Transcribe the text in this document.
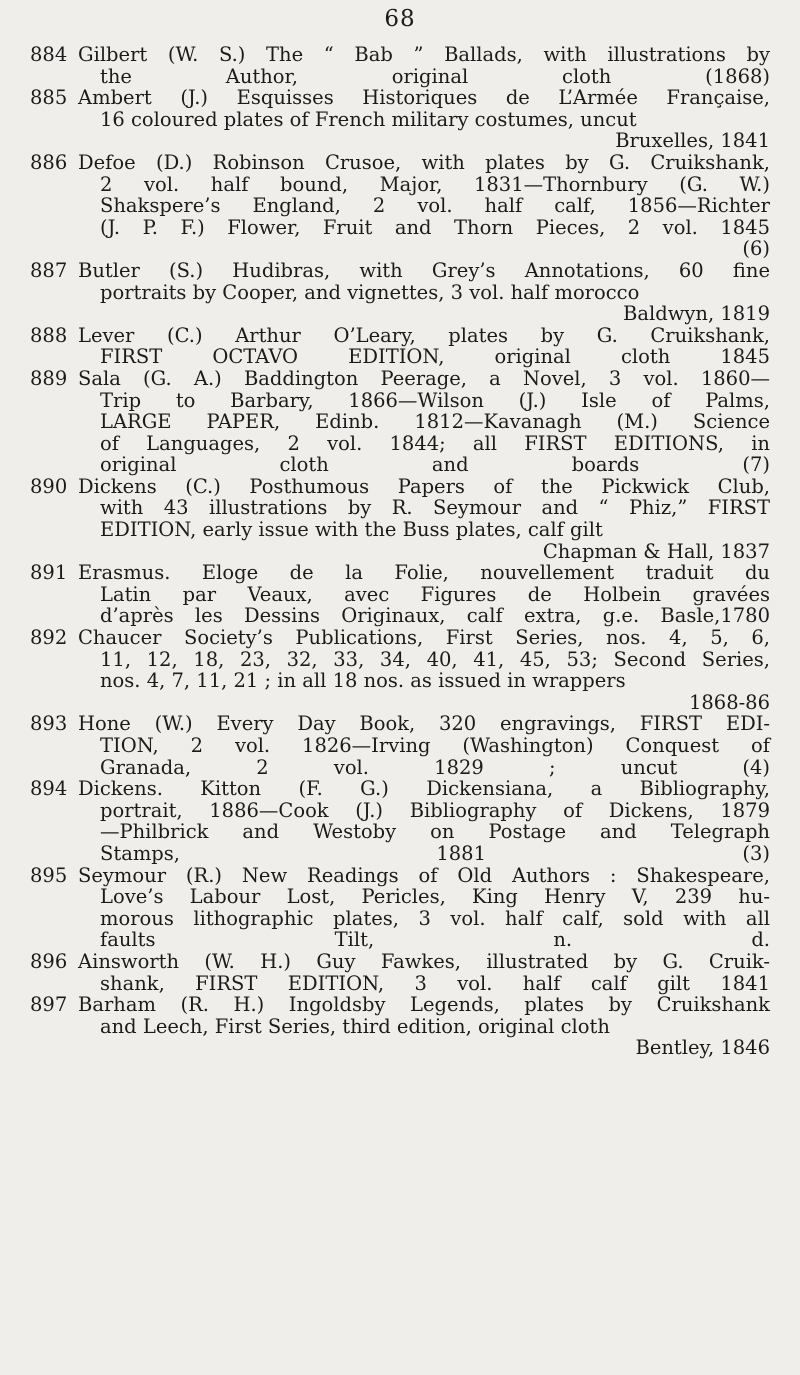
68
884 Gilbert (W. S.) The “ Bab ” Ballads, with illustrations by
the Author, original cloth (1868)
885 Ambert (J.) Esquisses Historiques de L’Armée Française,
16 coloured plates of French military costumes, uncut
Bruxelles, 1841
886 Defoe (D.) Robinson Crusoe, with plates by G. Cruikshank,
2 vol. half bound, Major, 1831—Thornbury (G. W.)
Shakspere’s England, 2 vol. half calf, 1856—Richter
(J. P. F.) Flower, Fruit and Thorn Pieces, 2 vol. 1845
(6)
887 Butler (S.) Hudibras, with Grey’s Annotations, 60 fine
portraits by Cooper, and vignettes, 3 vol. half morocco
Baldwyn, 1819
888 Lever (C.) Arthur O’Leary, plates by G. Cruikshank,
FIRST OCTAVO EDITION, original cloth 1845
889 Sala (G. A.) Baddington Peerage, a Novel, 3 vol. 1860—
Trip to Barbary, 1866—Wilson (J.) Isle of Palms,
LARGE PAPER, Edinb. 1812—Kavanagh (M.) Science
of Languages, 2 vol. 1844; all FIRST EDITIONS, in
original cloth and boards (7)
890 Dickens (C.) Posthumous Papers of the Pickwick Club,
with 43 illustrations by R. Seymour and “ Phiz,” FIRST
EDITION, early issue with the Buss plates, calf gilt
Chapman & Hall, 1837
891 Erasmus. Eloge de la Folie, nouvellement traduit du
Latin par Veaux, avec Figures de Holbein gravées
d’après les Dessins Originaux, calf extra, g.e. Basle,1780
892 Chaucer Society’s Publications, First Series, nos. 4, 5, 6,
11, 12, 18, 23, 32, 33, 34, 40, 41, 45, 53; Second Series,
nos. 4, 7, 11, 21 ; in all 18 nos. as issued in wrappers
1868-86
893 Hone (W.) Every Day Book, 320 engravings, FIRST EDI-
TION, 2 vol. 1826—Irving (Washington) Conquest of
Granada, 2 vol. 1829 ; uncut (4)
894 Dickens. Kitton (F. G.) Dickensiana, a Bibliography,
portrait, 1886—Cook (J.) Bibliography of Dickens, 1879
—Philbrick and Westoby on Postage and Telegraph
Stamps, 1881 (3)
895 Seymour (R.) New Readings of Old Authors : Shakespeare,
Love’s Labour Lost, Pericles, King Henry V, 239 hu-
morous lithographic plates, 3 vol. half calf, sold with all
faults Tilt, n. d.
896 Ainsworth (W. H.) Guy Fawkes, illustrated by G. Cruik-
shank, FIRST EDITION, 3 vol. half calf gilt 1841
897 Barham (R. H.) Ingoldsby Legends, plates by Cruikshank
and Leech, First Series, third edition, original cloth
Bentley, 1846
